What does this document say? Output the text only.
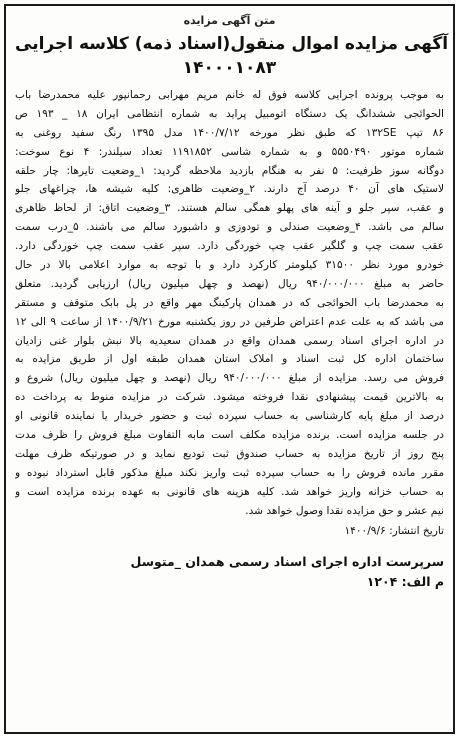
متن آگهی مزایده
آگهی مزایده اموال منقول(اسناد ذمه) کلاسه اجرایی
۱۴۰۰۰۱۰۸۳
به موجب پرونده اجرایی کلاسه فوق له خانم مریم مهرابی رحمانپور علیه محمدرضا باب
الحوائجی ششدانگ یک دستگاه اتومبیل پراید به شماره انتظامی ایران ۱۸ _ ۱۹۳ ص
۸۶ تیپ ۱۳۲SE که طبق نظر مورخه ۱۴۰۰/۷/۱۲ مدل ۱۳۹۵ رنگ سفید روغنی به
شماره موتور ۵۵۵۰۴۹۰ و به شماره شاسی ۱۱۹۱۸۵۲ تعداد سیلندر: ۴ نوع سوخت:
دوگانه سوز ظرفیت: ۵ نفر به هنگام بازدید ملاحظه گردید: ۱_وضعیت تایرها: چار حلقه
لاستیک های آن ۴۰ درصد آج دارند. ۲_وضعیت ظاهری: کلیه شیشه ها، چراغهای جلو
و عقب، سپر جلو و آینه های پهلو همگی سالم هستند. ۳_وضعیت اتاق: از لحاظ ظاهری
سالم می باشد. ۴_وضعیت صندلی و تودوزی و داشبورد سالم می باشند. ۵_درب سمت
عقب سمت چپ و گلگیر عقب چپ خوردگی دارد. سپر عقب سمت چپ خوردگی دارد.
خودرو مورد نظر ۳۱۵۰۰ کیلومتر کارکرد دارد و با توجه به موارد اعلامی بالا در حال
حاضر به مبلغ ۹۴۰/۰۰۰/۰۰۰ ریال (نهصد و چهل میلیون ریال) ارزیابی گردید. متعلق
به محمدرضا باب الحوائجی که در همدان پارکینگ مهر واقع در پل بابک متوقف و مستقر
می باشد که به علت عدم اعتراض طرفین در روز یکشنبه مورخ ۱۴۰۰/۹/۲۱ از ساعت ۹ الی ۱۲
در اداره اجرای اسناد رسمی همدان واقع در همدان سعیدیه بالا نبش بلوار غنی زادیان
ساختمان اداره کل ثبت اسناد و املاک استان همدان طبقه اول از طریق مزایده به
فروش می رسد. مزایده از مبلغ ۹۴۰/۰۰۰/۰۰۰ ریال (نهصد و چهل میلیون ریال) شروع و
به بالاترین قیمت پیشنهادی نقدا فروخته میشود. شرکت در مزایده منوط به پرداخت ده
درصد از مبلغ پایه کارشناسی به حساب سپرده ثبت و حضور خریدار یا نماینده قانونی او
در جلسه مزایده است. برنده مزایده مکلف است مابه التفاوت مبلغ فروش را ظرف مدت
پنج روز از تاریخ مزایده به حساب صندوق ثبت تودیع نماید و در صورتیکه ظرف مهلت
مقرر مانده فروش را به حساب سپرده ثبت واریز نکند مبلغ مذکور قابل استرداد نبوده و
به حساب خزانه واریز خواهد شد. کلیه هزینه های قانونی به عهده برنده مزایده است و
نیم عشر و حق مزایده نقدا وصول خواهد شد.
تاریخ انتشار: ۱۴۰۰/۹/۶
سرپرست اداره اجرای اسناد رسمی همدان _متوسل
م الف: ۱۲۰۴
